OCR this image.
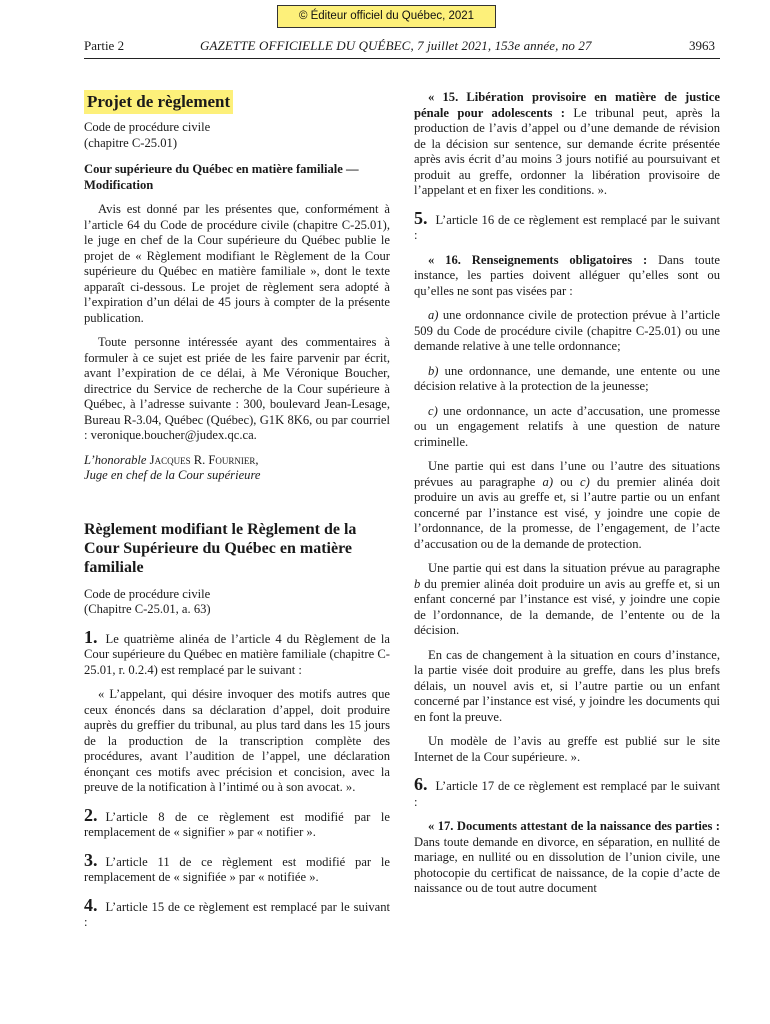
© Éditeur officiel du Québec, 2021
Partie 2	GAZETTE OFFICIELLE DU QUÉBEC, 7 juillet 2021, 153e année, no 27	3963
Projet de règlement

Code de procédure civile

(chapitre C-25.01)

Cour supérieure du Québec en matière familiale — Modification

Avis est donné par les présentes que, conformément à l’article 64 du Code de procédure civile (chapitre C-25.01), le juge en chef de la Cour supérieure du Québec publie le projet de « Règlement modifiant le Règlement de la Cour supérieure du Québec en matière familiale », dont le texte apparaît ci-dessous. Le projet de règlement sera adopté à l’expiration d’un délai de 45 jours à compter de la présente publication.

Toute personne intéressée ayant des commentaires à formuler à ce sujet est priée de les faire parvenir par écrit, avant l’expiration de ce délai, à Me Véronique Boucher, directrice du Service de recherche de la Cour supérieure à Québec, à l’adresse suivante : 300, boulevard Jean-Lesage, Bureau R-3.04, Québec (Québec), G1K 8K6, ou par courriel : veronique.boucher@judex.qc.ca.

L’honorable Jacques R. Fournier,
Juge en chef de la Cour supérieure

Règlement modifiant le Règlement de la Cour Supérieure du Québec en matière familiale

Code de procédure civile

(Chapitre C-25.01, a. 63)

1. Le quatrième alinéa de l’article 4 du Règlement de la Cour supérieure du Québec en matière familiale (chapitre C-25.01, r. 0.2.4) est remplacé par le suivant :

« L’appelant, qui désire invoquer des motifs autres que ceux énoncés dans sa déclaration d’appel, doit produire auprès du greffier du tribunal, au plus tard dans les 15 jours de la production de la transcription complète des procédures, avant l’audition de l’appel, une déclaration énonçant ces motifs avec précision et concision, avec la preuve de la notification à l’intimé ou à son avocat. ».

2. L’article 8 de ce règlement est modifié par le remplacement de « signifier » par « notifier ».

3. L’article 11 de ce règlement est modifié par le remplacement de « signifiée » par « notifiée ».

4. L’article 15 de ce règlement est remplacé par le suivant :

« 15. Libération provisoire en matière de justice pénale pour adolescents : Le tribunal peut, après la production de l’avis d’appel ou d’une demande de révision de la décision sur sentence, sur demande écrite présentée après avis écrit d’au moins 3 jours notifié au poursuivant et produit au greffe, ordonner la libération provisoire de l’appelant et en fixer les conditions. ».

5. L’article 16 de ce règlement est remplacé par le suivant :

« 16. Renseignements obligatoires : Dans toute instance, les parties doivent alléguer qu’elles sont ou qu’elles ne sont pas visées par :

a) une ordonnance civile de protection prévue à l’article 509 du Code de procédure civile (chapitre C-25.01) ou une demande relative à une telle ordonnance;

b) une ordonnance, une demande, une entente ou une décision relative à la protection de la jeunesse;

c) une ordonnance, un acte d’accusation, une promesse ou un engagement relatifs à une question de nature criminelle.

Une partie qui est dans l’une ou l’autre des situations prévues au paragraphe a) ou c) du premier alinéa doit produire un avis au greffe et, si l’autre partie ou un enfant concerné par l’instance est visé, y joindre une copie de l’ordonnance, de la promesse, de l’engagement, de l’acte d’accusation ou de la demande de protection.

Une partie qui est dans la situation prévue au paragraphe b du premier alinéa doit produire un avis au greffe et, si un enfant concerné par l’instance est visé, y joindre une copie de l’ordonnance, de la demande, de l’entente ou de la décision.

En cas de changement à la situation en cours d’instance, la partie visée doit produire au greffe, dans les plus brefs délais, un nouvel avis et, si l’autre partie ou un enfant concerné par l’instance est visé, y joindre les documents qui en font la preuve.

Un modèle de l’avis au greffe est publié sur le site Internet de la Cour supérieure. ».

6. L’article 17 de ce règlement est remplacé par le suivant :

« 17. Documents attestant de la naissance des parties : Dans toute demande en divorce, en séparation, en nullité de mariage, en nullité ou en dissolution de l’union civile, une photocopie du certificat de naissance, de la copie d’acte de naissance ou de tout autre document
